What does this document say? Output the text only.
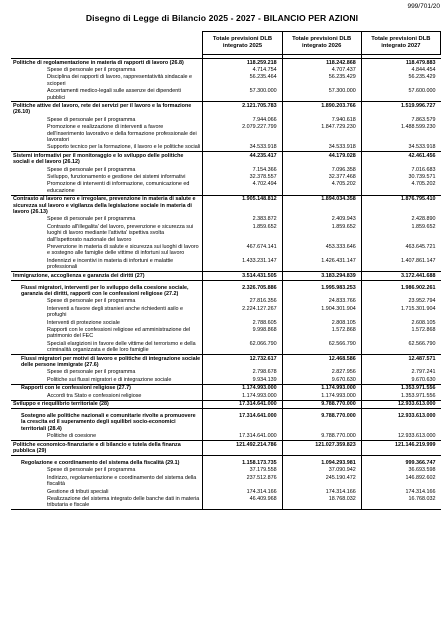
999/701/20
Disegno di Legge di Bilancio 2025 - 2027 - BILANCIO PER AZIONI
	Totale previsioni DLB integrato 2025	Totale previsioni DLB integrato 2026	Totale previsioni DLB integrato 2027

Politiche di regolamentazione in materia di rapporti di lavoro (26.8)	118.259.218	118.242.868	118.479.883
Spese di personale per il programma	4.714.754	4.707.437	4.844.454
Disciplina dei rapporti di lavoro, rappresentatività sindacale e scioperi	56.235.464	56.235.429	56.235.429
Accertamenti medico-legali sulle assenze dei dipendenti pubblici	57.300.000	57.300.000	57.600.000
Politiche attive del lavoro, rete dei servizi per il lavoro e la formazione (26.10)	2.121.705.783	1.890.203.766	1.519.996.727
Spese di personale per il programma	7.944.066	7.940.618	7.863.579
Promozione e realizzazione di interventi a favore dell'inserimento lavorativo e della formazione professionale dei lavoratori	2.079.227.799	1.847.729.230	1.488.599.230
Supporto tecnico per la formazione, il lavoro e le politiche sociali	34.533.918	34.533.918	34.533.918
Sistemi informativi per il monitoraggio e lo sviluppo delle politiche sociali e del lavoro (26.12)	44.235.417	44.179.028	42.461.456
Spese di personale per il programma	7.154.366	7.096.358	7.016.683
Sviluppo, funzionamento e gestione dei sistemi informativi	32.378.557	32.377.468	30.739.571
Promozione di interventi di informazione, comunicazione ed educazione	4.702.494	4.705.202	4.705.202
Contrasto al lavoro nero e irregolare, prevenzione in materia di salute e sicurezza sul lavoro e vigilanza della legislazione sociale in materia di lavoro (26.13)	1.905.148.812	1.894.034.358	1.876.795.410
Spese di personale per il programma	2.383.872	2.409.943	2.428.890
Contrasto all'illegalita' del lavoro, prevenzione e sicurezza sui luoghi di lavoro mediante l'attivita' ispettiva svolta dall'Ispettorato nazionale del lavoro	1.859.652	1.859.652	1.859.652
Prevenzione in materia di salute e sicurezza sui luoghi di lavoro e sostegno alle famiglie delle vittime di infortuni sul lavoro	467.674.141	453.333.646	463.645.721
Indennizzi e incentivi in materia di infortuni e malattie professionali	1.433.231.147	1.426.431.147	1.407.861.147
Immigrazione, accoglienza e garanzia dei diritti (27)	3.514.431.505	3.183.294.839	3.172.441.688
Flussi migratori, interventi per lo sviluppo della coesione sociale, garanzia dei diritti, rapporti con le confessioni religiose (27.2)	2.326.705.886	1.995.983.253	1.986.902.261
Spese di personale per il programma	27.816.356	24.833.766	23.952.794
Interventi a favore degli stranieri anche richiedenti asilo e profughi	2.224.127.267	1.904.301.904	1.715.301.904
Interventi di protezione sociale	2.788.605	2.808.105	2.608.105
Rapporti con le confessioni religiose ed amministrazione del patrimonio del FEC	9.998.868	1.572.868	1.572.868
Speciali elargizioni in favore delle vittime del terrorismo e della criminalità organizzata e delle loro famiglie	62.066.790	62.566.790	62.566.790
Flussi migratori per motivi di lavoro e politiche di integrazione sociale delle persone immigrate (27.6)	12.732.617	12.468.586	12.487.571
Spese di personale per il programma	2.798.678	2.827.956	2.797.241
Politiche sui flussi migratori e di integrazione sociale	9.934.139	9.670.630	9.670.630
Rapporti con le confessioni religiose (27.7)	1.174.993.000	1.174.993.000	1.353.971.556
Accordi tra Stato e confessioni religiose	1.174.993.000	1.174.993.000	1.353.971.556
Sviluppo e riequilibrio territoriale (28)	17.314.641.000	9.788.770.000	12.933.613.000
Sostegno alle politiche nazionali e comunitarie rivolte a promuovere la crescita ed il superamento degli squilibri socio-economici territoriali (28.4)	17.314.641.000	9.788.770.000	12.933.613.000
Politiche di coesione	17.314.641.000	9.788.770.000	12.933.613.000
Politiche economico-finanziarie e di bilancio e tutela della finanza pubblica (29)	121.492.214.786	121.027.359.823	121.146.219.999
Regolazione e coordinamento del sistema della fiscalità (29.1)	1.158.173.735	1.094.293.981	999.366.747
Spese di personale per il programma	37.179.558	37.090.942	36.693.598
Indirizzo, regolamentazione e coordinamento del sistema della fiscalità	237.512.876	245.190.472	146.892.602
Gestione di tributi speciali	174.314.166	174.314.166	174.314.166
Realizzazione del sistema integrato delle banche dati in materia tributaria e fiscale	46.409.968	18.768.032	16.768.032
